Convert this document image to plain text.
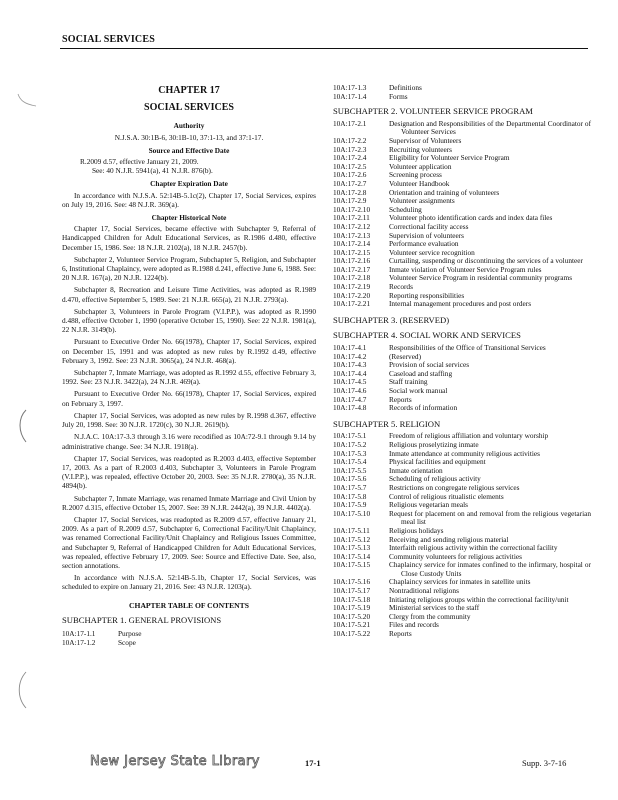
SOCIAL SERVICES
CHAPTER 17
SOCIAL SERVICES
Authority
N.J.S.A. 30:1B-6, 30:1B-10, 37:1-13, and 37:1-17.
Source and Effective Date

R.2009 d.57, effective January 21, 2009.

See: 40 N.J.R. 5941(a), 41 N.J.R. 876(b).

Chapter Expiration Date

In accordance with N.J.S.A. 52:14B-5.1c(2), Chapter 17, Social Services, expires on July 19, 2016. See: 48 N.J.R. 369(a).

Chapter Historical Note

Chapter 17, Social Services, became effective with Subchapter 9, Referral of Handicapped Children for Adult Educational Services, as R.1986 d.480, effective December 15, 1986. See: 18 N.J.R. 2102(a), 18 N.J.R. 2457(b).

Subchapter 2, Volunteer Service Program, Subchapter 5, Religion, and Subchapter 6, Institutional Chaplaincy, were adopted as R.1988 d.241, effective June 6, 1988. See: 20 N.J.R. 167(a), 20 N.J.R. 1224(b).

Subchapter 8, Recreation and Leisure Time Activities, was adopted as R.1989 d.470, effective September 5, 1989. See: 21 N.J.R. 665(a), 21 N.J.R. 2793(a).

Subchapter 3, Volunteers in Parole Program (V.I.P.P.), was adopted as R.1990 d.488, effective October 1, 1990 (operative October 15, 1990). See: 22 N.J.R. 1981(a), 22 N.J.R. 3149(b).

Pursuant to Executive Order No. 66(1978), Chapter 17, Social Services, expired on December 15, 1991 and was adopted as new rules by R.1992 d.49, effective February 3, 1992. See: 23 N.J.R. 3065(a), 24 N.J.R. 468(a).

Subchapter 7, Inmate Marriage, was adopted as R.1992 d.55, effective February 3, 1992. See: 23 N.J.R. 3422(a), 24 N.J.R. 469(a).

Pursuant to Executive Order No. 66(1978), Chapter 17, Social Services, expired on February 3, 1997.

Chapter 17, Social Services, was adopted as new rules by R.1998 d.367, effective July 20, 1998. See: 30 N.J.R. 1720(c), 30 N.J.R. 2619(b).

N.J.A.C. 10A:17-3.3 through 3.16 were recodified as 10A:72-9.1 through 9.14 by administrative change. See: 34 N.J.R. 1918(a).

Chapter 17, Social Services, was readopted as R.2003 d.403, effective September 17, 2003. As a part of R.2003 d.403, Subchapter 3, Volunteers in Parole Program (V.I.P.P.), was repealed, effective October 20, 2003. See: 35 N.J.R. 2780(a), 35 N.J.R. 4894(b).

Subchapter 7, Inmate Marriage, was renamed Inmate Marriage and Civil Union by R.2007 d.315, effective October 15, 2007. See: 39 N.J.R. 2442(a), 39 N.J.R. 4402(a).

Chapter 17, Social Services, was readopted as R.2009 d.57, effective January 21, 2009. As a part of R.2009 d.57, Subchapter 6, Correctional Facility/Unit Chaplaincy, was renamed Correctional Facility/Unit Chaplaincy and Religious Issues Committee, and Subchapter 9, Referral of Handicapped Children for Adult Educational Services, was repealed, effective February 17, 2009. See: Source and Effective Date. See, also, section annotations.

In accordance with N.J.S.A. 52:14B-5.1b, Chapter 17, Social Services, was scheduled to expire on January 21, 2016. See: 43 N.J.R. 1203(a).

CHAPTER TABLE OF CONTENTS
SUBCHAPTER 1. GENERAL PROVISIONS
10A:17-1.1	Purpose
10A:17-1.2	Scope
10A:17-1.3	Definitions
10A:17-1.4	Forms
SUBCHAPTER 2. VOLUNTEER SERVICE PROGRAM
10A:17-2.1	Designation and Responsibilities of the Departmental Coordinator of Volunteer Services
10A:17-2.2	Supervisor of Volunteers
10A:17-2.3	Recruiting volunteers
10A:17-2.4	Eligibility for Volunteer Service Program
10A:17-2.5	Volunteer application
10A:17-2.6	Screening process
10A:17-2.7	Volunteer Handbook
10A:17-2.8	Orientation and training of volunteers
10A:17-2.9	Volunteer assignments
10A:17-2.10	Scheduling
10A:17-2.11	Volunteer photo identification cards and index data files
10A:17-2.12	Correctional facility access
10A:17-2.13	Supervision of volunteers
10A:17-2.14	Performance evaluation
10A:17-2.15	Volunteer service recognition
10A:17-2.16	Curtailing, suspending or discontinuing the services of a volunteer
10A:17-2.17	Inmate violation of Volunteer Service Program rules
10A:17-2.18	Volunteer Service Program in residential community programs
10A:17-2.19	Records
10A:17-2.20	Reporting responsibilities
10A:17-2.21	Internal management procedures and post orders
SUBCHAPTER 3. (RESERVED)
SUBCHAPTER 4. SOCIAL WORK AND SERVICES
10A:17-4.1	Responsibilities of the Office of Transitional Services
10A:17-4.2	(Reserved)
10A:17-4.3	Provision of social services
10A:17-4.4	Caseload and staffing
10A:17-4.5	Staff training
10A:17-4.6	Social work manual
10A:17-4.7	Reports
10A:17-4.8	Records of information
SUBCHAPTER 5. RELIGION
10A:17-5.1	Freedom of religious affiliation and voluntary worship
10A:17-5.2	Religious proselytizing inmate
10A:17-5.3	Inmate attendance at community religious activities
10A:17-5.4	Physical facilities and equipment
10A:17-5.5	Inmate orientation
10A:17-5.6	Scheduling of religious activity
10A:17-5.7	Restrictions on congregate religious services
10A:17-5.8	Control of religious ritualistic elements
10A:17-5.9	Religious vegetarian meals
10A:17-5.10	Request for placement on and removal from the religious vegetarian meal list
10A:17-5.11	Religious holidays
10A:17-5.12	Receiving and sending religious material
10A:17-5.13	Interfaith religious activity within the correctional facility
10A:17-5.14	Community volunteers for religious activities
10A:17-5.15	Chaplaincy service for inmates confined to the infirmary, hospital or Close Custody Units
10A:17-5.16	Chaplaincy services for inmates in satellite units
10A:17-5.17	Nontraditional religions
10A:17-5.18	Initiating religious groups within the correctional facility/unit
10A:17-5.19	Ministerial services to the staff
10A:17-5.20	Clergy from the community
10A:17-5.21	Files and records
10A:17-5.22	Reports
New Jersey State Library	17-1	Supp. 3-7-16
